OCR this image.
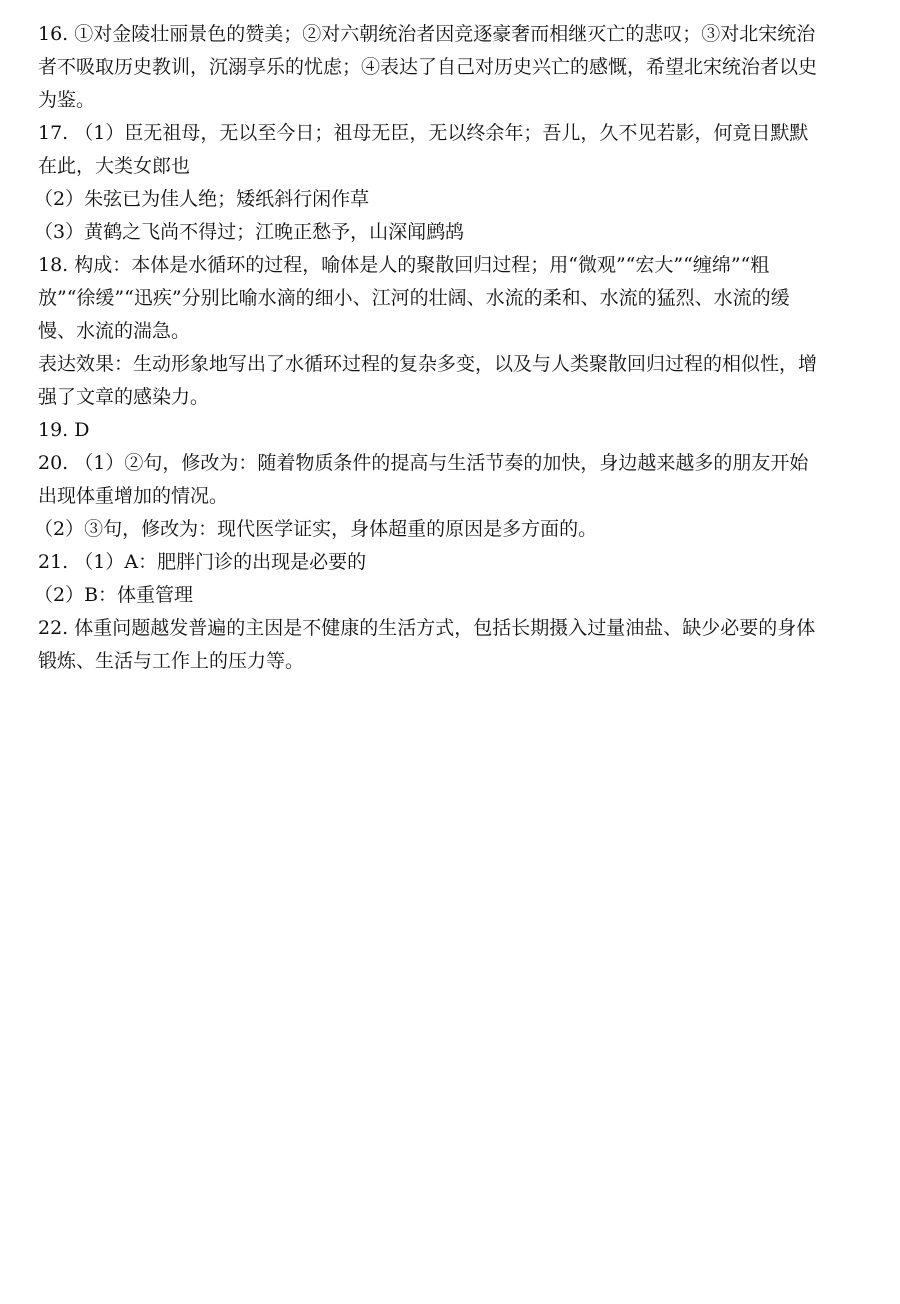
16. ①对金陵壮丽景色的赞美；②对六朝统治者因竞逐豪奢而相继灭亡的悲叹；③对北宋统治
者不吸取历史教训，沉溺享乐的忧虑；④表达了自己对历史兴亡的感慨，希望北宋统治者以史
为鉴。
17. （1）臣无祖母，无以至今日；祖母无臣，无以终余年；吾儿，久不见若影，何竟日默默
在此，大类女郎也
（2）朱弦已为佳人绝；矮纸斜行闲作草
（3）黄鹤之飞尚不得过；江晚正愁予，山深闻鹧鸪
18. 构成：本体是水循环的过程，喻体是人的聚散回归过程；用“微观”“宏大”“缠绵”“粗
放”“徐缓”“迅疾”分别比喻水滴的细小、江河的壮阔、水流的柔和、水流的猛烈、水流的缓
慢、水流的湍急。
表达效果：生动形象地写出了水循环过程的复杂多变，以及与人类聚散回归过程的相似性，增
强了文章的感染力。
19. D
20. （1）②句，修改为：随着物质条件的提高与生活节奏的加快，身边越来越多的朋友开始
出现体重增加的情况。
（2）③句，修改为：现代医学证实，身体超重的原因是多方面的。
21. （1）A：肥胖门诊的出现是必要的
（2）B：体重管理
22. 体重问题越发普遍的主因是不健康的生活方式，包括长期摄入过量油盐、缺少必要的身体
锻炼、生活与工作上的压力等。
